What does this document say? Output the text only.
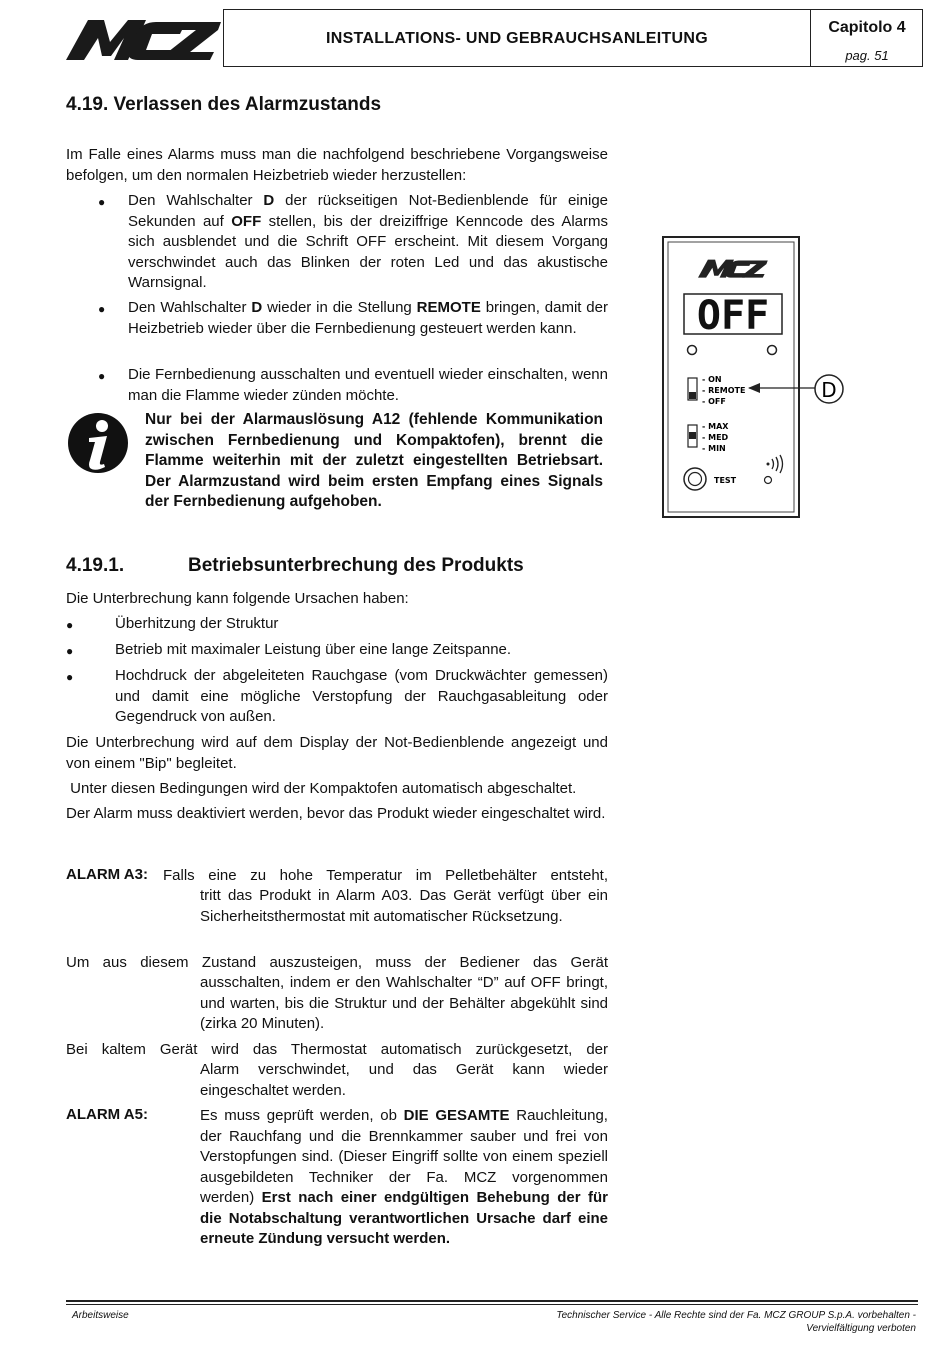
INSTALLATIONS- UND GEBRAUCHSANLEITUNG
Capitolo 4
pag. 51
4.19. Verlassen des Alarmzustands
Im Falle eines Alarms muss man die nachfolgend beschriebene Vorgangsweise befolgen, um den normalen Heizbetrieb wieder herzustellen:
● Den Wahlschalter D der rückseitigen Not-Bedienblende für einige Sekunden auf OFF stellen, bis der dreiziffrige Kenncode des Alarms sich ausblendet und die Schrift OFF erscheint. Mit diesem Vorgang verschwindet auch das Blinken der roten Led und das akustische Warnsignal.
● Den Wahlschalter D wieder in die Stellung REMOTE bringen, damit der Heizbetrieb wieder über die Fernbedienung gesteuert werden kann.
● Die Fernbedienung ausschalten und eventuell wieder einschalten, wenn man die Flamme wieder zünden möchte.
Nur bei der Alarmauslösung A12 (fehlende Kommunikation zwischen Fernbedienung und Kompaktofen), brennt die Flamme weiterhin mit der zuletzt eingestellten Betriebsart. Der Alarmzustand wird beim ersten Empfang eines Signals der Fernbedienung aufgehoben.
OFF
- ON
- REMOTE
- OFF
- MAX
- MED
- MIN
TEST
D
4.19.1.	Betriebsunterbrechung des Produkts
Die Unterbrechung kann folgende Ursachen haben:
●	Überhitzung der Struktur
●	Betrieb mit maximaler Leistung über eine lange Zeitspanne.
●	Hochdruck der abgeleiteten Rauchgase (vom Druckwächter gemessen) und damit eine mögliche Verstopfung der Rauchgasableitung oder Gegendruck von außen.
Die Unterbrechung wird auf dem Display der Not-Bedienblende angezeigt und von einem "Bip" begleitet.
Unter diesen Bedingungen wird der Kompaktofen automatisch abgeschaltet.
Der Alarm muss deaktiviert werden, bevor das Produkt wieder eingeschaltet wird.
ALARM A3: Falls eine zu hohe Temperatur im Pelletbehälter entsteht,
tritt das Produkt in Alarm A03. Das Gerät verfügt über ein Sicherheitsthermostat mit automatischer Rücksetzung.
Um aus diesem Zustand auszusteigen, muss der Bediener das Gerät
ausschalten, indem er den Wahlschalter “D” auf OFF bringt, und warten, bis die Struktur und der Behälter abgekühlt sind (zirka 20 Minuten).
Bei kaltem Gerät wird das Thermostat automatisch zurückgesetzt, der
Alarm verschwindet, und das Gerät kann wieder eingeschaltet werden.
ALARM A5:	Es muss geprüft werden, ob DIE GESAMTE Rauchleitung, der Rauchfang und die Brennkammer sauber und frei von Verstopfungen sind. (Dieser Eingriff sollte von einem speziell ausgebildeten Techniker der Fa. MCZ vorgenommen werden) Erst nach einer endgültigen Behebung der für die Notabschaltung verantwortlichen Ursache darf eine erneute Zündung versucht werden.
Arbeitsweise	Technischer Service - Alle Rechte sind der Fa. MCZ GROUP S.p.A. vorbehalten -
Vervielfältigung verboten
